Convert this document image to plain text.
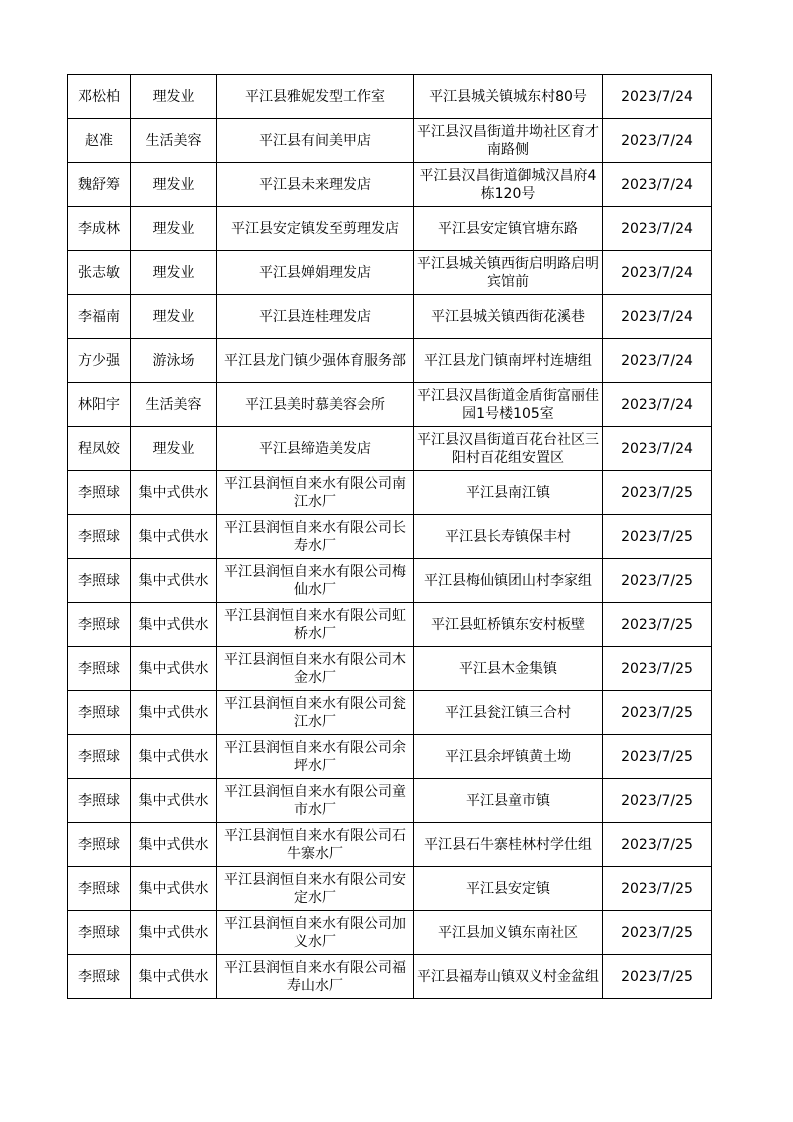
邓松柏	理发业	平江县雅妮发型工作室	平江县城关镇城东村80号	2023/7/24
赵准	生活美容	平江县有间美甲店	平江县汉昌街道井坳社区育才南路侧	2023/7/24
魏舒筹	理发业	平江县未来理发店	平江县汉昌街道御城汉昌府4栋120号	2023/7/24
李成林	理发业	平江县安定镇发至剪理发店	平江县安定镇官塘东路	2023/7/24
张志敏	理发业	平江县婵娟理发店	平江县城关镇西街启明路启明宾馆前	2023/7/24
李福南	理发业	平江县连桂理发店	平江县城关镇西街花溪巷	2023/7/24
方少强	游泳场	平江县龙门镇少强体育服务部	平江县龙门镇南坪村连塘组	2023/7/24
林阳宇	生活美容	平江县美时慕美容会所	平江县汉昌街道金盾街富丽佳园1号楼105室	2023/7/24
程凤姣	理发业	平江县缔造美发店	平江县汉昌街道百花台社区三阳村百花组安置区	2023/7/24
李照球	集中式供水	平江县润恒自来水有限公司南江水厂	平江县南江镇	2023/7/25
李照球	集中式供水	平江县润恒自来水有限公司长寿水厂	平江县长寿镇保丰村	2023/7/25
李照球	集中式供水	平江县润恒自来水有限公司梅仙水厂	平江县梅仙镇团山村李家组	2023/7/25
李照球	集中式供水	平江县润恒自来水有限公司虹桥水厂	平江县虹桥镇东安村板壁	2023/7/25
李照球	集中式供水	平江县润恒自来水有限公司木金水厂	平江县木金集镇	2023/7/25
李照球	集中式供水	平江县润恒自来水有限公司瓮江水厂	平江县瓮江镇三合村	2023/7/25
李照球	集中式供水	平江县润恒自来水有限公司余坪水厂	平江县余坪镇黄土坳	2023/7/25
李照球	集中式供水	平江县润恒自来水有限公司童市水厂	平江县童市镇	2023/7/25
李照球	集中式供水	平江县润恒自来水有限公司石牛寨水厂	平江县石牛寨桂林村学仕组	2023/7/25
李照球	集中式供水	平江县润恒自来水有限公司安定水厂	平江县安定镇	2023/7/25
李照球	集中式供水	平江县润恒自来水有限公司加义水厂	平江县加义镇东南社区	2023/7/25
李照球	集中式供水	平江县润恒自来水有限公司福寿山水厂	平江县福寿山镇双义村金盆组	2023/7/25
